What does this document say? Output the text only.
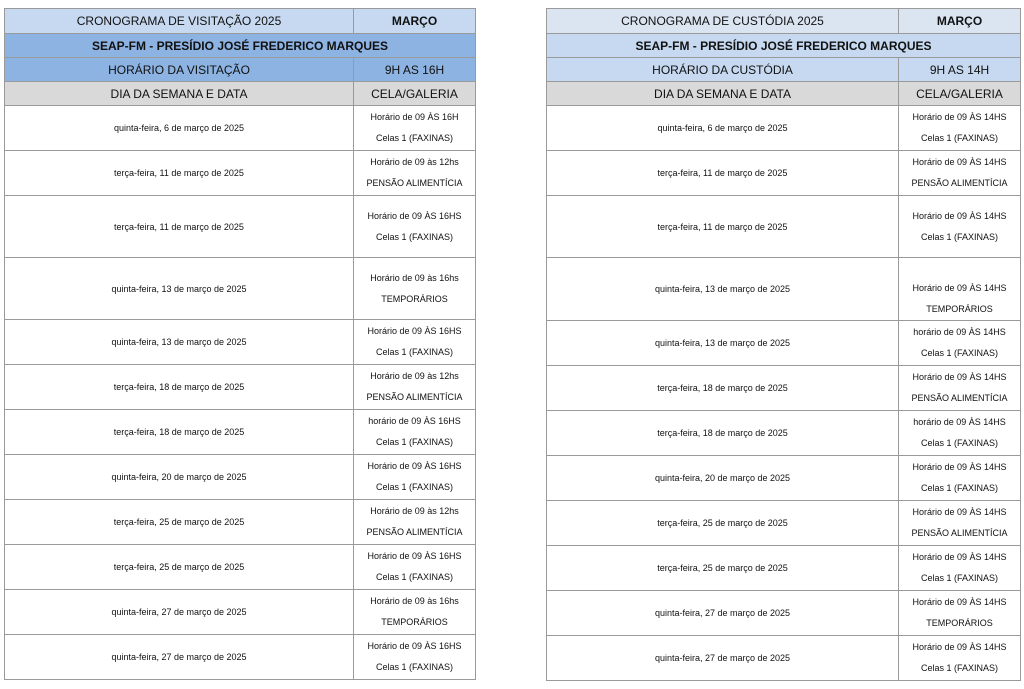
CRONOGRAMA DE VISITAÇÃO 2025	MARÇO
SEAP-FM - PRESÍDIO JOSÉ FREDERICO MARQUES	
HORÁRIO DA VISITAÇÃO	9H AS 16H
DIA DA SEMANA E DATA	CELA/GALERIA
quinta-feira, 6 de março de 2025	Horário de 09 ÀS 16H
Celas 1 (FAXINAS)

terça-feira, 11 de março de 2025	Horário de 09 às 12hs
PENSÃO ALIMENTÍCIA

terça-feira, 11 de março de 2025	Horário de 09 ÀS 16HS
Celas 1 (FAXINAS)

quinta-feira, 13 de março de 2025	Horário de 09 às 16hs
TEMPORÁRIOS

quinta-feira, 13 de março de 2025	Horário de 09 ÀS 16HS
Celas 1 (FAXINAS)

terça-feira, 18 de março de 2025	Horário de 09 às 12hs
PENSÃO ALIMENTÍCIA

terça-feira, 18 de março de 2025	horário de 09 ÀS 16HS
Celas 1 (FAXINAS)

quinta-feira, 20 de março de 2025	Horário de 09 ÀS 16HS
Celas 1 (FAXINAS)

terça-feira, 25 de março de 2025	Horário de 09 às 12hs
PENSÃO ALIMENTÍCIA

terça-feira, 25 de março de 2025	Horário de 09 ÀS 16HS
Celas 1 (FAXINAS)

quinta-feira, 27 de março de 2025	Horário de 09 às 16hs
TEMPORÁRIOS

quinta-feira, 27 de março de 2025	Horário de 09 ÀS 16HS
Celas 1 (FAXINAS)
CRONOGRAMA DE CUSTÓDIA 2025	MARÇO
SEAP-FM - PRESÍDIO JOSÉ FREDERICO MARQUES	
HORÁRIO DA CUSTÓDIA	9H AS 14H
DIA DA SEMANA E DATA	CELA/GALERIA
quinta-feira, 6 de março de 2025	Horário de 09 ÀS 14HS
Celas 1 (FAXINAS)

terça-feira, 11 de março de 2025	Horário de 09 ÀS 14HS
PENSÃO ALIMENTÍCIA

terça-feira, 11 de março de 2025	Horário de 09 ÀS 14HS
Celas 1 (FAXINAS)

quinta-feira, 13 de março de 2025	Horário de 09 ÀS 14HS
TEMPORÁRIOS

quinta-feira, 13 de março de 2025	horário de 09 ÀS 14HS
Celas 1 (FAXINAS)

terça-feira, 18 de março de 2025	Horário de 09 ÀS 14HS
PENSÃO ALIMENTÍCIA

terça-feira, 18 de março de 2025	horário de 09 ÀS 14HS
Celas 1 (FAXINAS)

quinta-feira, 20 de março de 2025	Horário de 09 ÀS 14HS
Celas 1 (FAXINAS)

terça-feira, 25 de março de 2025	Horário de 09 ÀS 14HS
PENSÃO ALIMENTÍCIA

terça-feira, 25 de março de 2025	Horário de 09 ÀS 14HS
Celas 1 (FAXINAS)

quinta-feira, 27 de março de 2025	Horário de 09 ÀS 14HS
TEMPORÁRIOS

quinta-feira, 27 de março de 2025	Horário de 09 ÀS 14HS
Celas 1 (FAXINAS)
